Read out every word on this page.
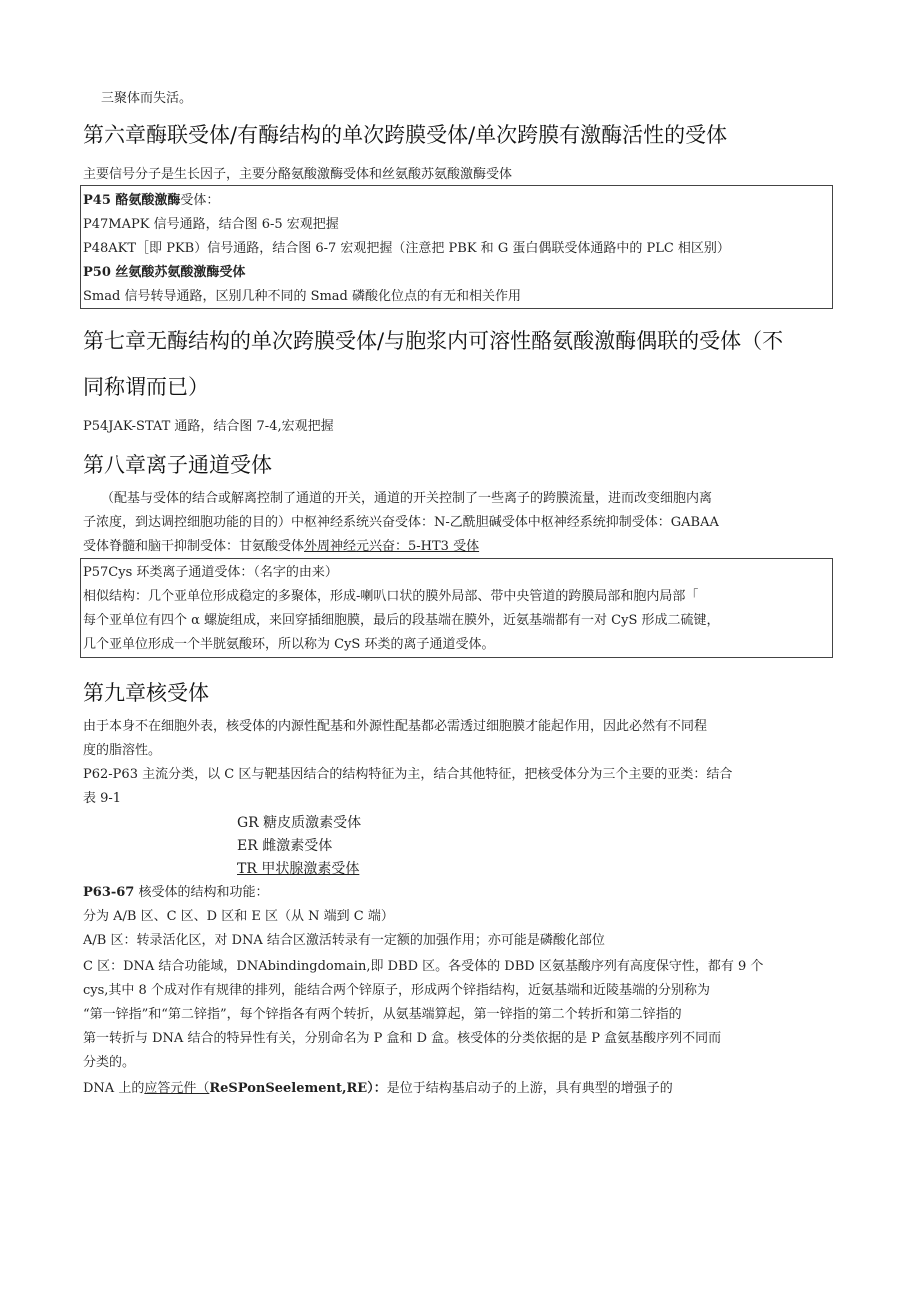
三聚体而失活。
第六章酶联受体/有酶结构的单次跨膜受体/单次跨膜有激酶活性的受体
主要信号分子是生长因子，主要分酪氨酸激酶受体和丝氨酸苏氨酸激酶受体
P45 酪氨酸激酶受体：
P47MAPK 信号通路，结合图 6-5 宏观把握
P48AKT［即 PKB）信号通路，结合图 6-7 宏观把握（注意把 PBK 和 G 蛋白偶联受体通路中的 PLC 相区别）
P50 丝氨酸苏氨酸激酶受体
Smad 信号转导通路，区别几种不同的 Smad 磷酸化位点的有无和相关作用
第七章无酶结构的单次跨膜受体/与胞浆内可溶性酪氨酸激酶偶联的受体（不
同称谓而已）
P54JAK-STAT 通路，结合图 7-4,宏观把握
第八章离子通道受体
（配基与受体的结合或解离控制了通道的开关，通道的开关控制了一些离子的跨膜流量，进而改变细胞内离
子浓度，到达调控细胞功能的目的）中枢神经系统兴奋受体：N-乙酰胆碱受体中枢神经系统抑制受体：GABAA
受体脊髓和脑干抑制受体：甘氨酸受体外周神经元兴奋：5-HT3 受体
P57Cys 环类离子通道受体：（名字的由来）
相似结构：几个亚单位形成稳定的多聚体，形成-喇叭口状的膜外局部、带中央管道的跨膜局部和胞内局部「
每个亚单位有四个 α 螺旋组成，来回穿插细胞膜，最后的段基端在膜外，近氨基端都有一对 CyS 形成二硫键，
几个亚单位形成一个半胱氨酸环，所以称为 CyS 环类的离子通道受体。
第九章核受体
由于本身不在细胞外表，核受体的内源性配基和外源性配基都必需透过细胞膜才能起作用，因此必然有不同程
度的脂溶性。
P62-P63 主流分类，以 C 区与靶基因结合的结构特征为主，结合其他特征，把核受体分为三个主要的亚类：结合
表 9-1
GR 糖皮质激素受体
ER 雌激素受体
TR 甲状腺激素受体
P63-67 核受体的结构和功能：
分为 A/B 区、C 区、D 区和 E 区（从 N 端到 C 端）
A/B 区：转录活化区，对 DNA 结合区激活转录有一定额的加强作用；亦可能是磷酸化部位
C 区：DNA 结合功能域，DNAbindingdomain,即 DBD 区。各受体的 DBD 区氨基酸序列有高度保守性，都有 9 个
cys,其中 8 个成对作有规律的排列，能结合两个锌原子，形成两个锌指结构，近氨基端和近陵基端的分别称为
“第一锌指”和“第二锌指”，每个锌指各有两个转折，从氨基端算起，第一锌指的第二个转折和第二锌指的
第一转折与 DNA 结合的特异性有关，分别命名为 P 盒和 D 盒。核受体的分类依据的是 P 盒氨基酸序列不同而
分类的。
DNA 上的应答元件（ReSPonSeelement,RE）：是位于结构基启动子的上游，具有典型的增强子的
